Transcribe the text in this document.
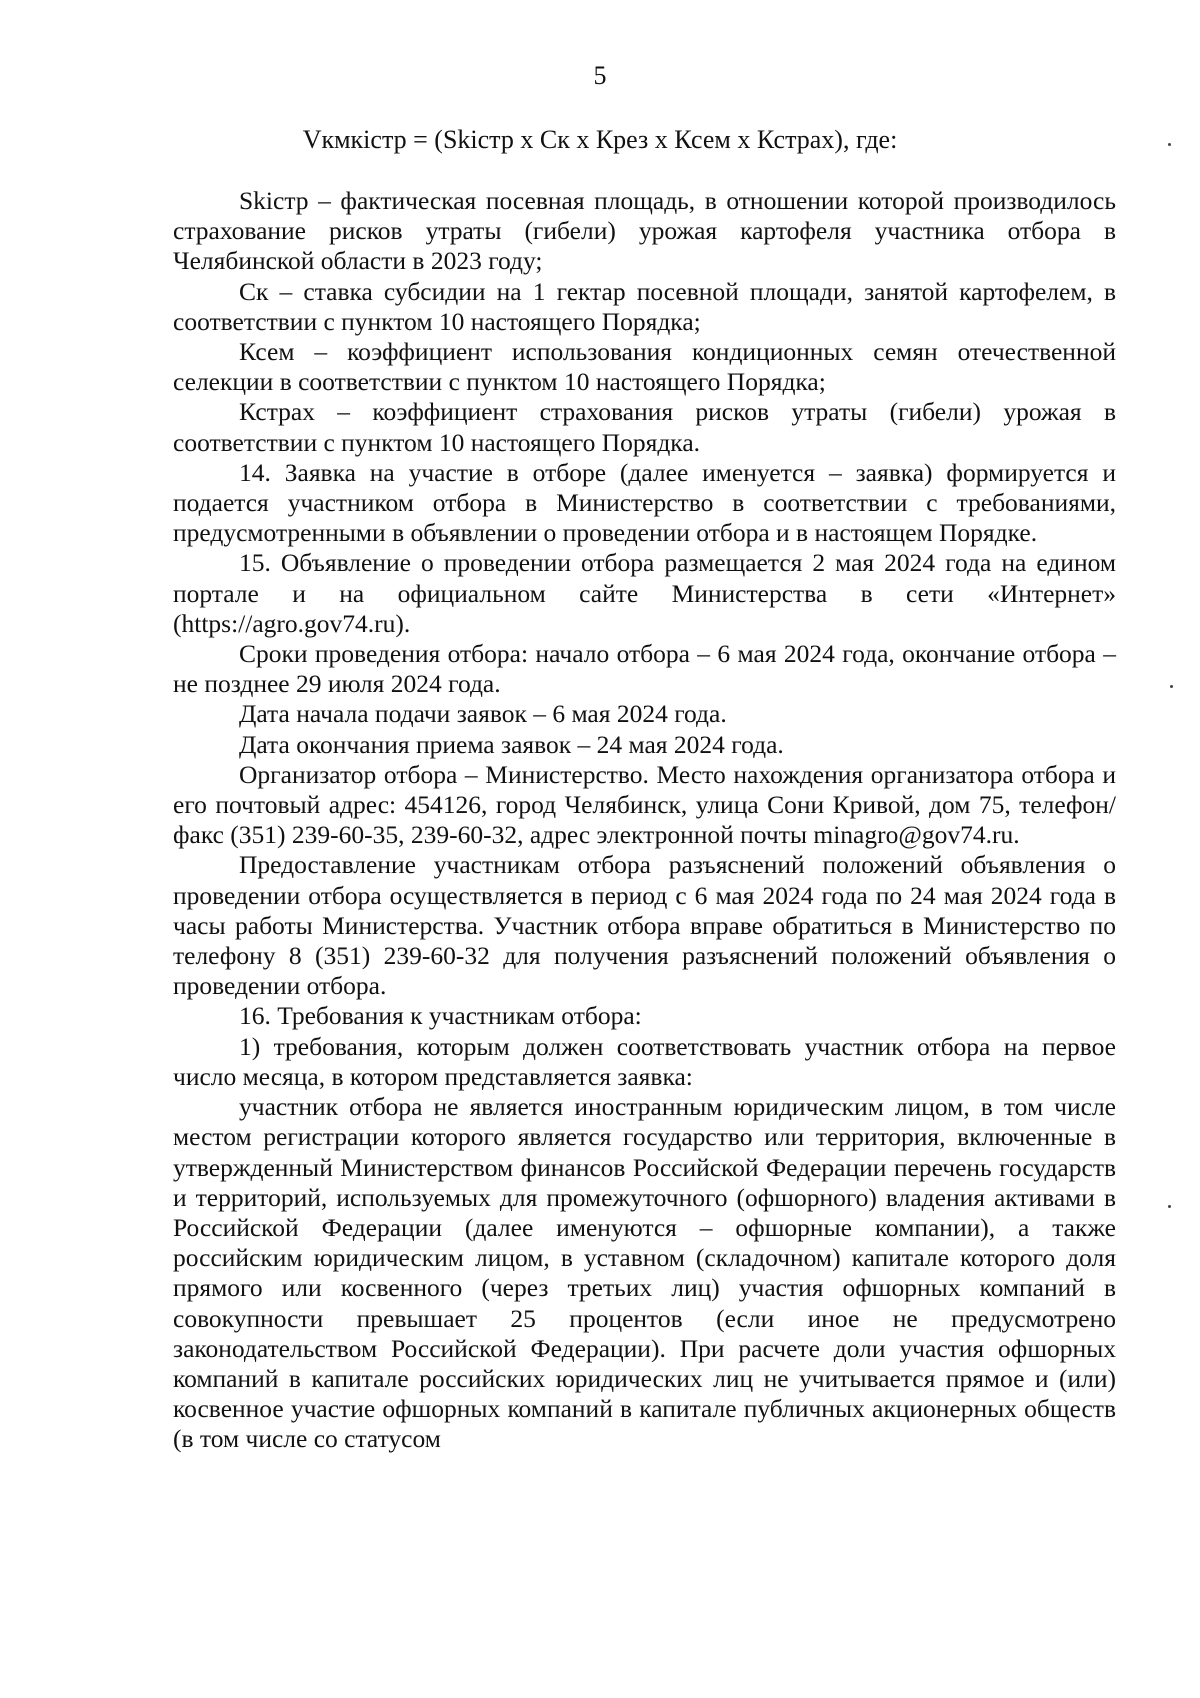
5
Vкмкiстр = (Skiстр х Ск х Крез х Ксем х Кстрах), где:

Skiстр – фактическая посевная площадь, в отношении которой производилось страхование рисков утраты (гибели) урожая картофеля участника отбора в Челябинской области в 2023 году;

Ск – ставка субсидии на 1 гектар посевной площади, занятой картофелем, в соответствии с пунктом 10 настоящего Порядка;

Ксем – коэффициент использования кондиционных семян отечественной селекции в соответствии с пунктом 10 настоящего Порядка;

Кстрах – коэффициент страхования рисков утраты (гибели) урожая в соответствии с пунктом 10 настоящего Порядка.

14. Заявка на участие в отборе (далее именуется – заявка) формируется и подается участником отбора в Министерство в соответствии с требованиями, предусмотренными в объявлении о проведении отбора и в настоящем Порядке.

15. Объявление о проведении отбора размещается 2 мая 2024 года на едином портале и на официальном сайте Министерства в сети «Интернет» (https://agro.gov74.ru).

Сроки проведения отбора: начало отбора – 6 мая 2024 года, окончание отбора – не позднее 29 июля 2024 года.

Дата начала подачи заявок – 6 мая 2024 года.

Дата окончания приема заявок – 24 мая 2024 года.

Организатор отбора – Министерство. Место нахождения организатора отбора и его почтовый адрес: 454126, город Челябинск, улица Сони Кривой, дом 75, телефон/факс (351) 239-60-35, 239-60-32, адрес электронной почты minagro@gov74.ru.

Предоставление участникам отбора разъяснений положений объявления о проведении отбора осуществляется в период с 6 мая 2024 года по 24 мая 2024 года в часы работы Министерства. Участник отбора вправе обратиться в Министерство по телефону 8 (351) 239-60-32 для получения разъяснений положений объявления о проведении отбора.

16. Требования к участникам отбора:

1) требования, которым должен соответствовать участник отбора на первое число месяца, в котором представляется заявка:

участник отбора не является иностранным юридическим лицом, в том числе местом регистрации которого является государство или территория, включенные в утвержденный Министерством финансов Российской Федерации перечень государств и территорий, используемых для промежуточного (офшорного) владения активами в Российской Федерации (далее именуются – офшорные компании), а также российским юридическим лицом, в уставном (складочном) капитале которого доля прямого или косвенного (через третьих лиц) участия офшорных компаний в совокупности превышает 25 процентов (если иное не предусмотрено законодательством Российской Федерации). При расчете доли участия офшорных компаний в капитале российских юридических лиц не учитывается прямое и (или) косвенное участие офшорных компаний в капитале публичных акционерных обществ (в том числе со статусом
